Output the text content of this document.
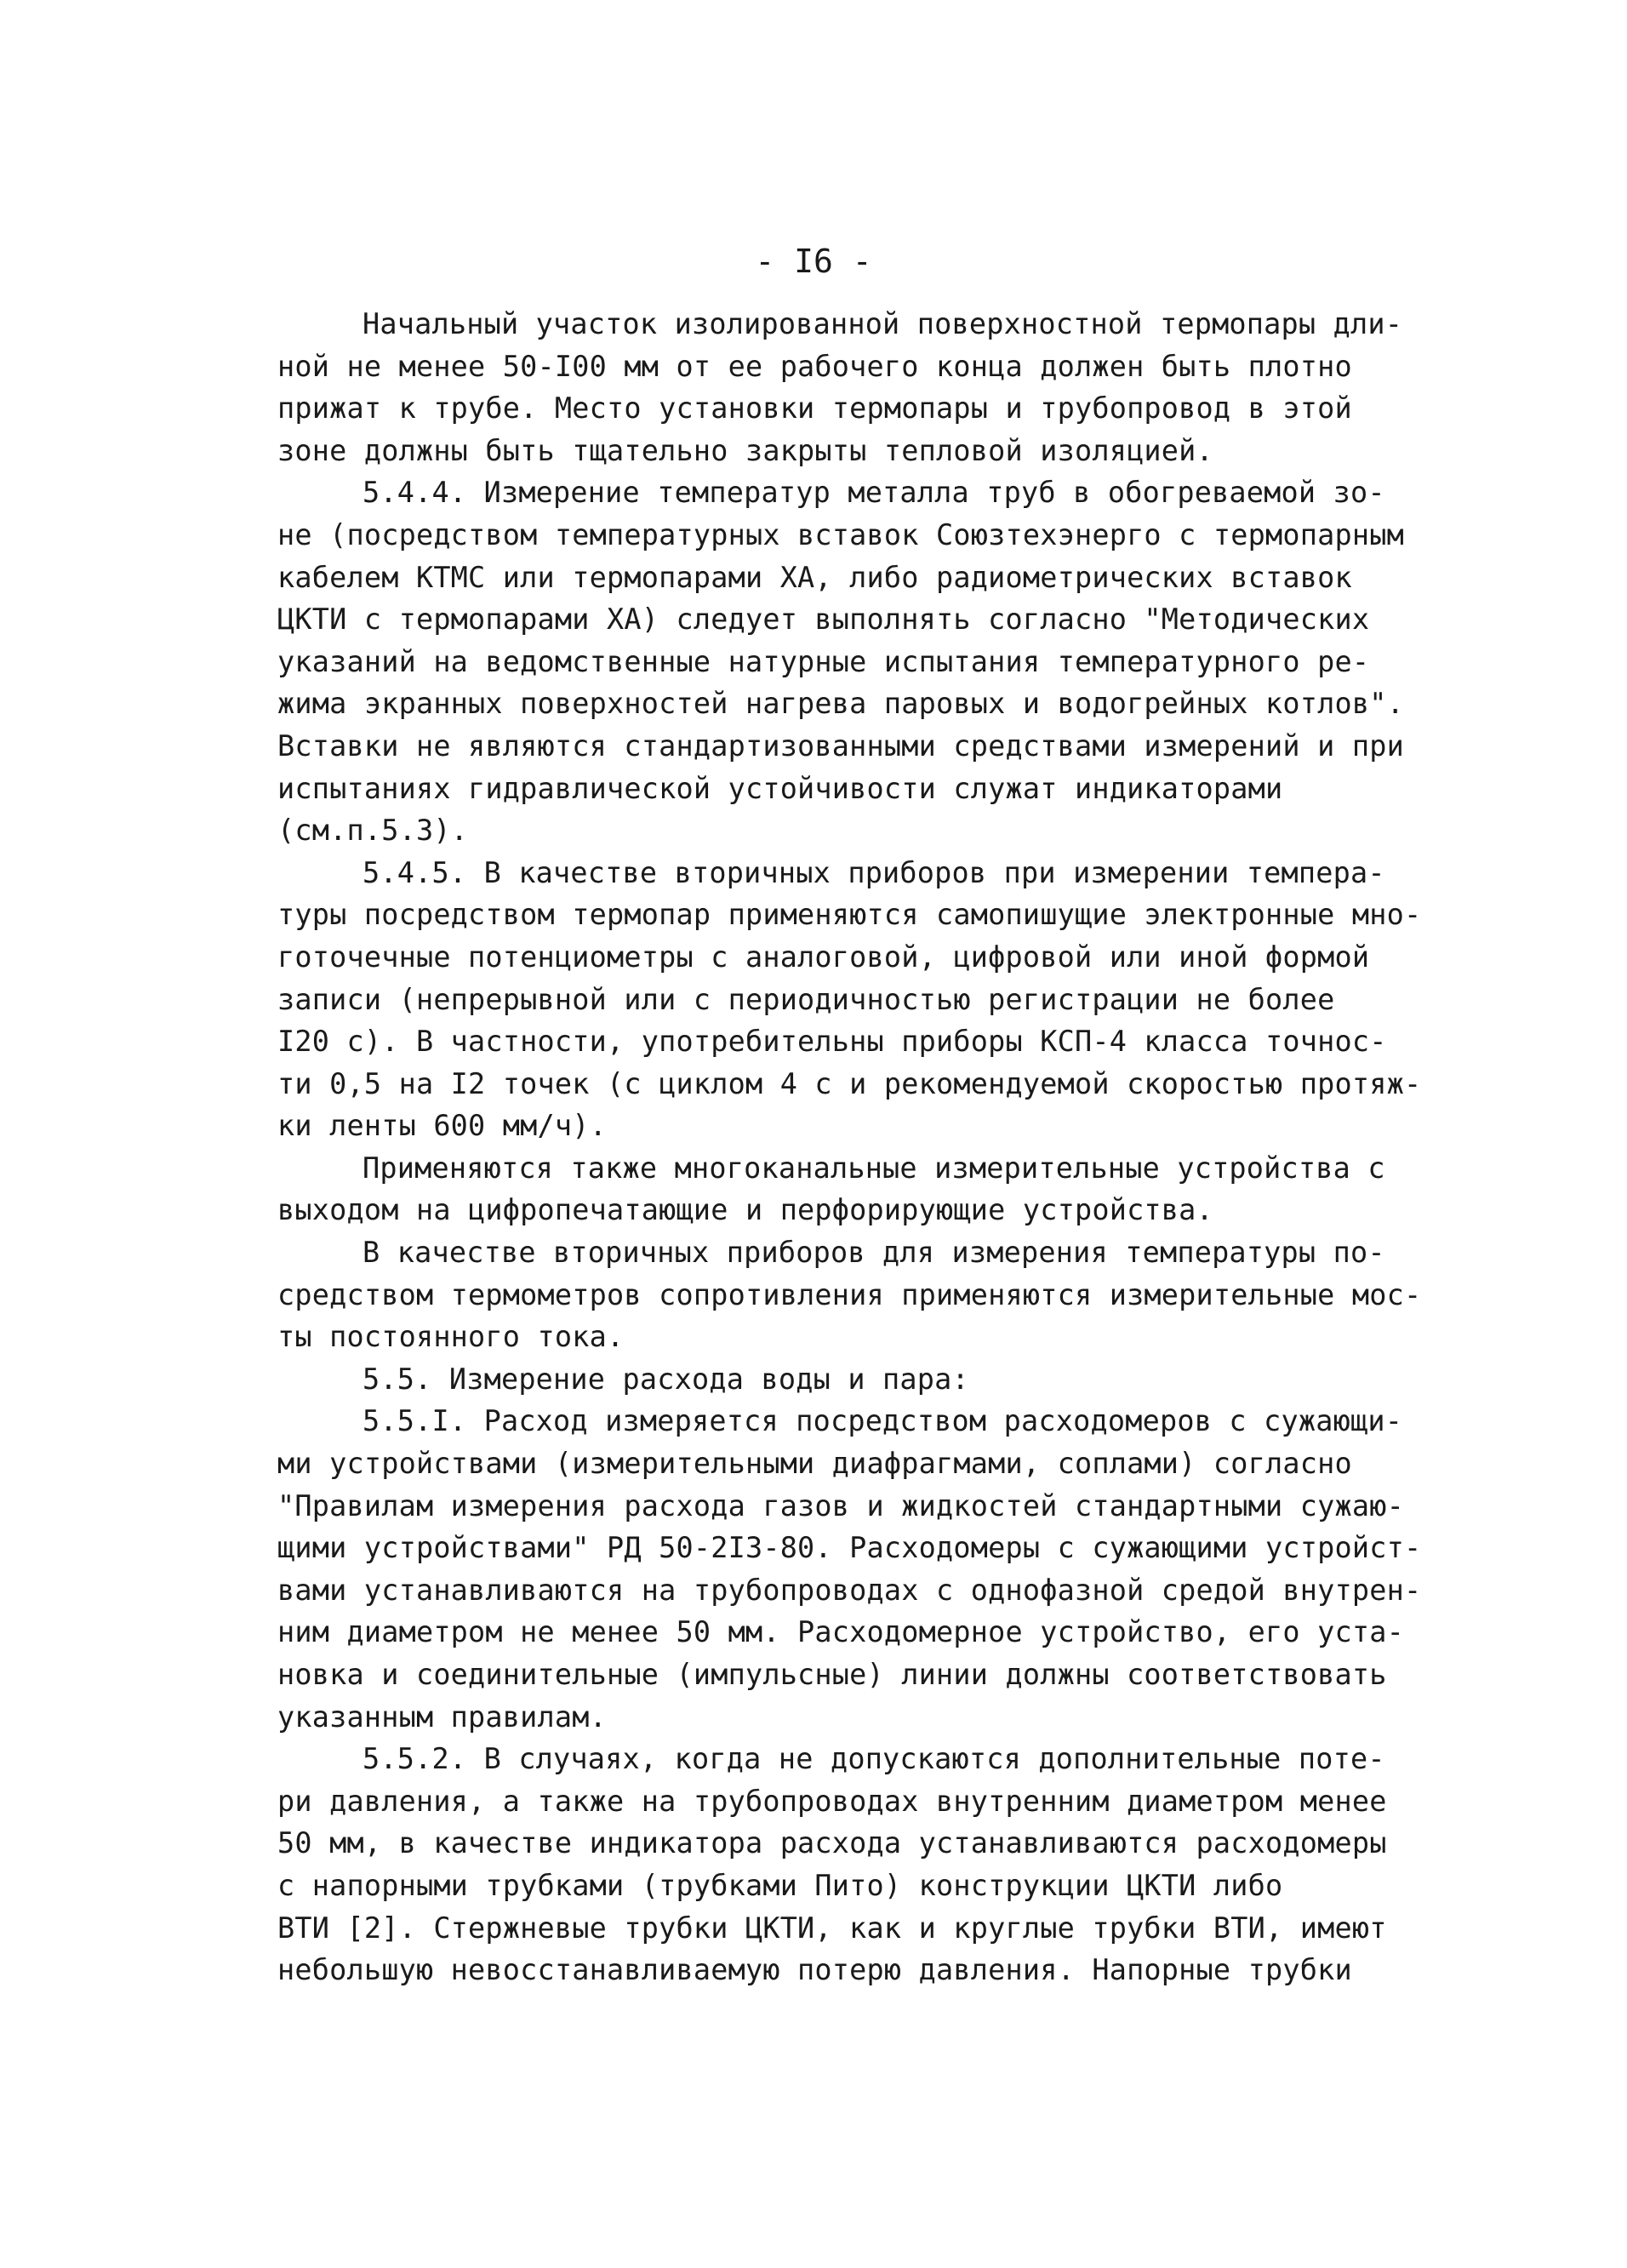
- I6 -
Начальный участок изолированной поверхностной термопары дли-
ной не менее 50-I00 мм от ее рабочего конца должен быть плотно
прижат к трубе. Место установки термопары и трубопровод в этой
зоне должны быть тщательно закрыты тепловой изоляцией.
5.4.4. Измерение температур металла труб в обогреваемой зо-
не (посредством температурных вставок Союзтехэнерго с термопарным
кабелем КТМС или термопарами ХА, либо радиометрических вставок
ЦКТИ с термопарами ХА) следует выполнять согласно "Методических
указаний на ведомственные натурные испытания температурного ре-
жима экранных поверхностей нагрева паровых и водогрейных котлов".
Вставки не являются стандартизованными средствами измерений и при
испытаниях гидравлической устойчивости служат индикаторами
(см.п.5.3).
5.4.5. В качестве вторичных приборов при измерении темпера-
туры посредством термопар применяются самопишущие электронные мно-
готочечные потенциометры с аналоговой, цифровой или иной формой
записи (непрерывной или с периодичностью регистрации не более
I20 с). В частности, употребительны приборы КСП-4 класса точнос-
ти 0,5 на I2 точек (с циклом 4 с и рекомендуемой скоростью протяж-
ки ленты 600 мм/ч).
Применяются также многоканальные измерительные устройства с
выходом на цифропечатающие и перфорирующие устройства.
В качестве вторичных приборов для измерения температуры по-
средством термометров сопротивления применяются измерительные мос-
ты постоянного тока.
5.5. Измерение расхода воды и пара:
5.5.I. Расход измеряется посредством расходомеров с сужающи-
ми устройствами (измерительными диафрагмами, соплами) согласно
"Правилам измерения расхода газов и жидкостей стандартными сужаю-
щими устройствами" РД 50-2I3-80. Расходомеры с сужающими устройст-
вами устанавливаются на трубопроводах с однофазной средой внутрен-
ним диаметром не менее 50 мм. Расходомерное устройство, его уста-
новка и соединительные (импульсные) линии должны соответствовать
указанным правилам.
5.5.2. В случаях, когда не допускаются дополнительные поте-
ри давления, а также на трубопроводах внутренним диаметром менее
50 мм, в качестве индикатора расхода устанавливаются расходомеры
с напорными трубками (трубками Пито) конструкции ЦКТИ либо
ВТИ [2]. Стержневые трубки ЦКТИ, как и круглые трубки ВТИ, имеют
небольшую невосстанавливаемую потерю давления. Напорные трубки
